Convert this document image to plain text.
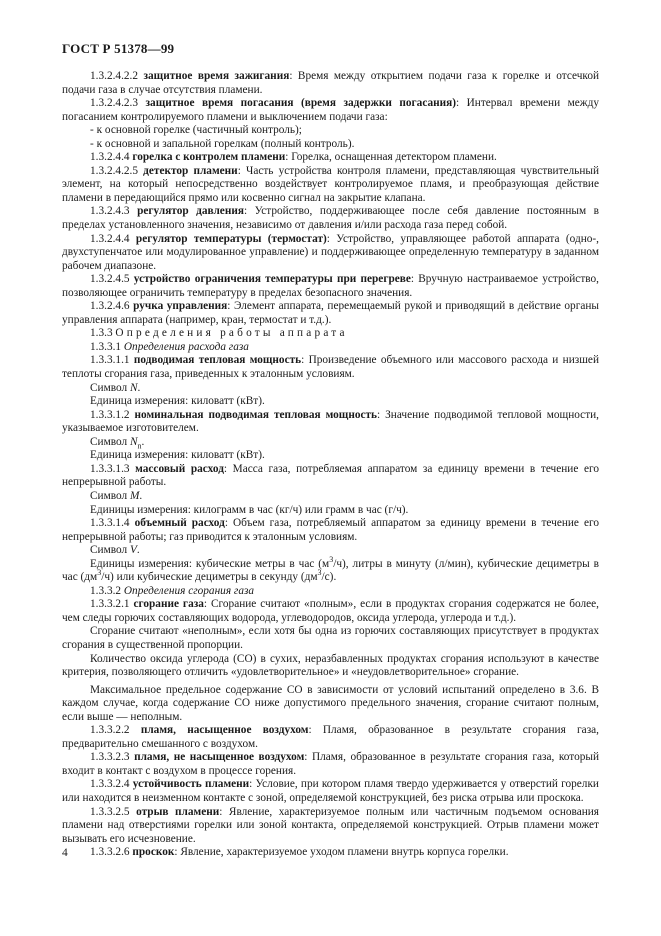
ГОСТ Р 51378—99

1.3.2.4.2.2 защитное время зажигания: Время между открытием подачи газа к горелке и отсечкой подачи газа в случае отсутствия пламени.

1.3.2.4.2.3 защитное время погасания (время задержки погасания): Интервал времени между погасанием контролируемого пламени и выключением подачи газа:

- к основной горелке (частичный контроль);

- к основной и запальной горелкам (полный контроль).

1.3.2.4.4 горелка с контролем пламени: Горелка, оснащенная детектором пламени.

1.3.2.4.2.5 детектор пламени: Часть устройства контроля пламени, представляющая чувствительный элемент, на который непосредственно воздействует контролируемое пламя, и преобразующая действие пламени в передающийся прямо или косвенно сигнал на закрытие клапана.

1.3.2.4.3 регулятор давления: Устройство, поддерживающее после себя давление постоянным в пределах установленного значения, независимо от давления и/или расхода газа перед собой.

1.3.2.4.4 регулятор температуры (термостат): Устройство, управляющее работой аппарата (одно-, двухступенчатое или модулированное управление) и поддерживающее определенную температуру в заданном рабочем диапазоне.

1.3.2.4.5 устройство ограничения температуры при перегреве: Вручную настраиваемое устройство, позволяющее ограничить температуру в пределах безопасного значения.

1.3.2.4.6 ручка управления: Элемент аппарата, перемещаемый рукой и приводящий в действие органы управления аппарата (например, кран, термостат и т.д.).

1.3.3 Определения работы аппарата

1.3.3.1 Определения расхода газа

1.3.3.1.1 подводимая тепловая мощность: Произведение объемного или массового расхода и низшей теплоты сгорания газа, приведенных к эталонным условиям.

Символ N.

Единица измерения: киловатт (кВт).

1.3.3.1.2 номинальная подводимая тепловая мощность: Значение подводимой тепловой мощности, указываемое изготовителем.

Символ $N_n$.

Единица измерения: киловатт (кВт).

1.3.3.1.3 массовый расход: Масса газа, потребляемая аппаратом за единицу времени в течение его непрерывной работы.

Символ M.

Единицы измерения: килограмм в час (кг/ч) или грамм в час (г/ч).

1.3.3.1.4 объемный расход: Объем газа, потребляемый аппаратом за единицу времени в течение его непрерывной работы; газ приводится к эталонным условиям.

Символ V.

Единицы измерения: кубические метры в час $(м^3/ч)$, литры в минуту (л/мин), кубические дециметры в час $(дм^3/ч)$ или кубические дециметры в секунду $(дм^3/с)$.

1.3.3.2 Определения сгорания газа

1.3.3.2.1 сгорание газа: Сгорание считают «полным», если в продуктах сгорания содержатся не более, чем следы горючих составляющих водорода, углеводородов, оксида углерода, углерода и т.д.).

Сгорание считают «неполным», если хотя бы одна из горючих составляющих присутствует в продуктах сгорания в существенной пропорции.

Количество оксида углерода (СО) в сухих, неразбавленных продуктах сгорания используют в качестве критерия, позволяющего отличить «удовлетворительное» и «неудовлетворительное» сгорание.

Максимальное предельное содержание СО в зависимости от условий испытаний определено в 3.6. В каждом случае, когда содержание СО ниже допустимого предельного значения, сгорание считают полным, если выше — неполным.

1.3.3.2.2 пламя, насыщенное воздухом: Пламя, образованное в результате сгорания газа, предварительно смешанного с воздухом.

1.3.3.2.3 пламя, не насыщенное воздухом: Пламя, образованное в результате сгорания газа, который входит в контакт с воздухом в процессе горения.

1.3.3.2.4 устойчивость пламени: Условие, при котором пламя твердо удерживается у отверстий горелки или находится в неизменном контакте с зоной, определяемой конструкцией, без риска отрыва или проскока.

1.3.3.2.5 отрыв пламени: Явление, характеризуемое полным или частичным подъемом основания пламени над отверстиями горелки или зоной контакта, определяемой конструкцией. Отрыв пламени может вызывать его исчезновение.

1.3.3.2.6 проскок: Явление, характеризуемое уходом пламени внутрь корпуса горелки.

4
